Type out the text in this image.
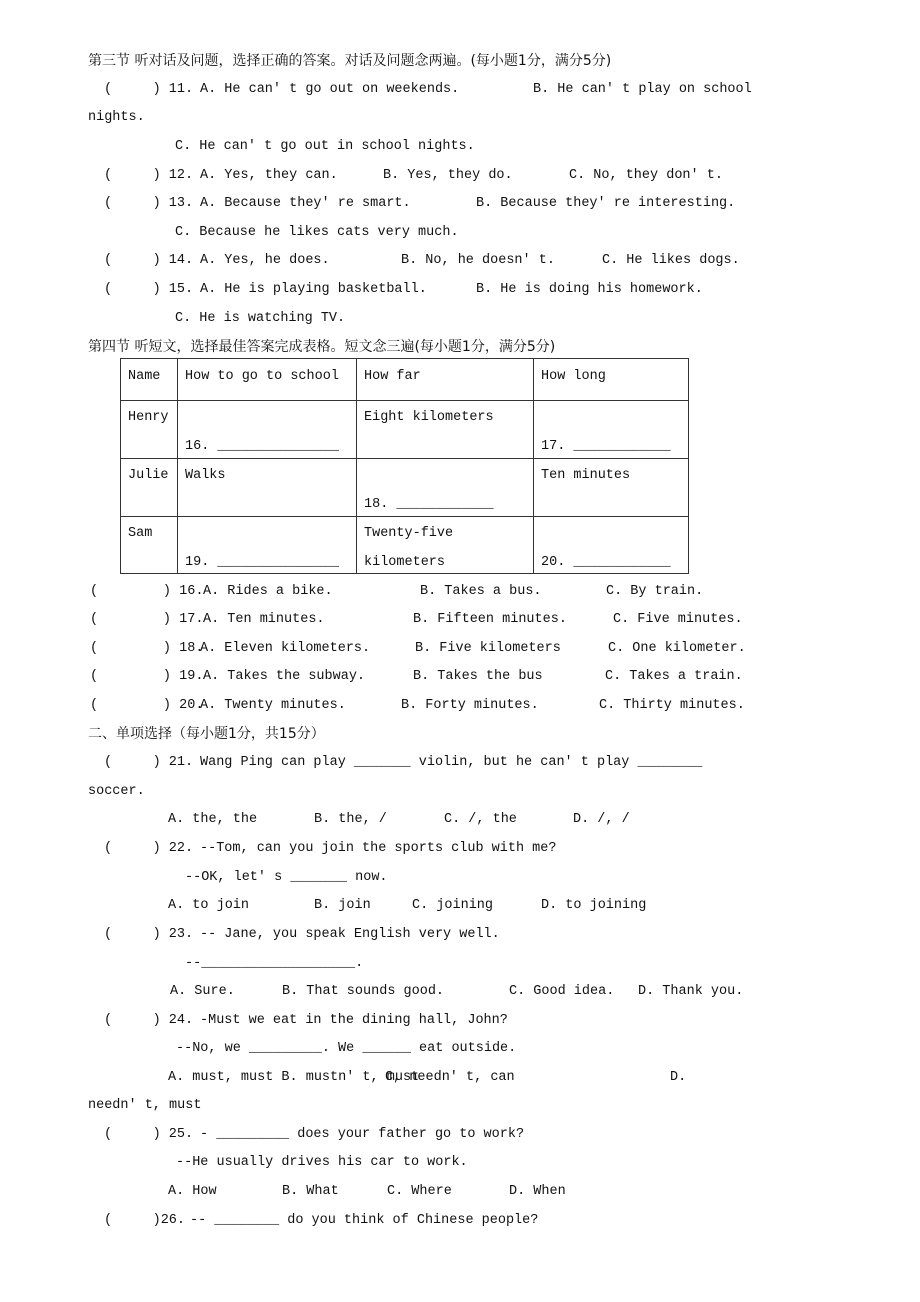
第三节 听对话及问题，选择正确的答案。对话及问题念两遍。(每小题1分，满分5分)
(     ) 11. A. He can' t go out on weekends.	B. He can' t play on school
nights.
C. He can' t go out in school nights.
(     ) 12. A. Yes, they can.	B. Yes, they do.	C. No, they don' t.
(     ) 13. A. Because they' re smart.	B. Because they' re interesting.
C. Because he likes cats very much.
(     ) 14. A. Yes, he does.	B. No, he doesn' t.	C. He likes dogs.
(     ) 15. A. He is playing basketball.	B. He is doing his homework.
C. He is watching TV.
第四节 听短文，选择最佳答案完成表格。短文念三遍(每小题1分，满分5分)
Name	How to go to school	How far	How long

Henry	16. _______________	Eight kilometers	17. ____________

Julie	Walks	18. ____________	Ten minutes

Sam	19. _______________	Twenty-five
kilometers	20. ____________
(        ) 16. A. Rides a bike.	B. Takes a bus.	C. By train.
(        ) 17. A. Ten minutes.	B. Fifteen minutes.	C. Five minutes.
(        ) 18.
A. Eleven kilometers.	B. Five kilometers	C. One kilometer.
(        ) 19. A. Takes the subway.	B. Takes the bus	C. Takes a train.
(        ) 20.
A. Twenty minutes.	B. Forty minutes.	C. Thirty minutes.
二、单项选择（每小题1分，共15分）
(     ) 21. Wang Ping can play _______ violin, but he can' t play ________
soccer.
A. the, the	B. the, /	C. /, the	D. /, /
(     ) 22. --Tom, can you join the sports club with me?
--OK, let' s _______ now.
A. to join	B. join	C. joining	D. to joining
(     ) 23. -- Jane, you speak English very well.
--___________________.
A. Sure.	B. That sounds good.	C. Good idea. D. Thank you.
(     ) 24. -Must we eat in the dining hall, John?
--No, we _________. We ______ eat outside.
A. must, must B. mustn' t, must
C, needn' t, can	D.
needn' t, must
(     ) 25. - _________ does your father go to work?
--He usually drives his car to work.
A. How	B. What	C. Where	D. When
(     )26. -- ________ do you think of Chinese people?
